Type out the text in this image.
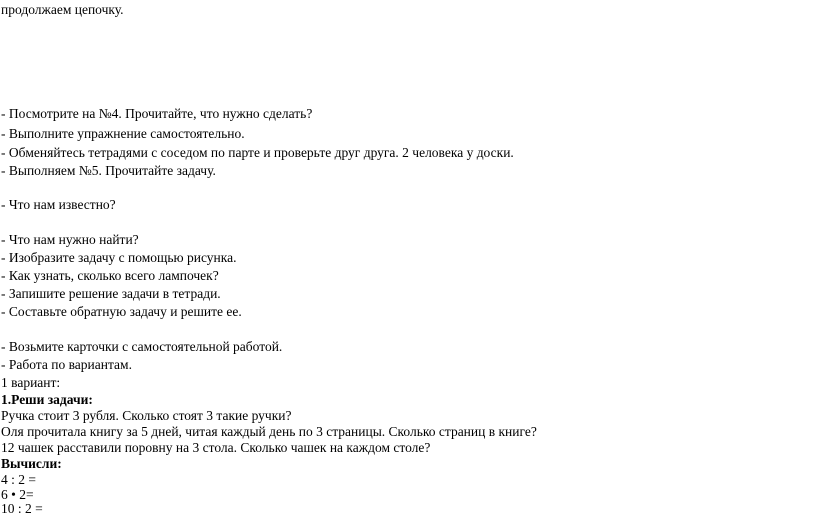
продолжаем цепочку.
- Посмотрите на №4. Прочитайте, что нужно сделать?
- Выполните упражнение самостоятельно.
- Обменяйтесь тетрадями с соседом по парте и проверьте друг друга. 2 человека у доски.
- Выполняем №5. Прочитайте задачу.
- Что нам известно?
- Что нам нужно найти?
- Изобразите задачу с помощью рисунка.
- Как узнать, сколько всего лампочек?
- Запишите решение задачи в тетради.
- Составьте обратную задачу и решите ее.
- Возьмите карточки с самостоятельной работой.
- Работа по вариантам.
1 вариант:
1.Реши задачи:
Ручка стоит 3 рубля. Сколько стоят 3 такие ручки?
Оля прочитала книгу за 5 дней, читая каждый день по 3 страницы. Сколько страниц в книге?
12 чашек расставили поровну на 3 стола. Сколько чашек на каждом столе?
Вычисли:
4 : 2 =
6 • 2=
10 : 2 =
